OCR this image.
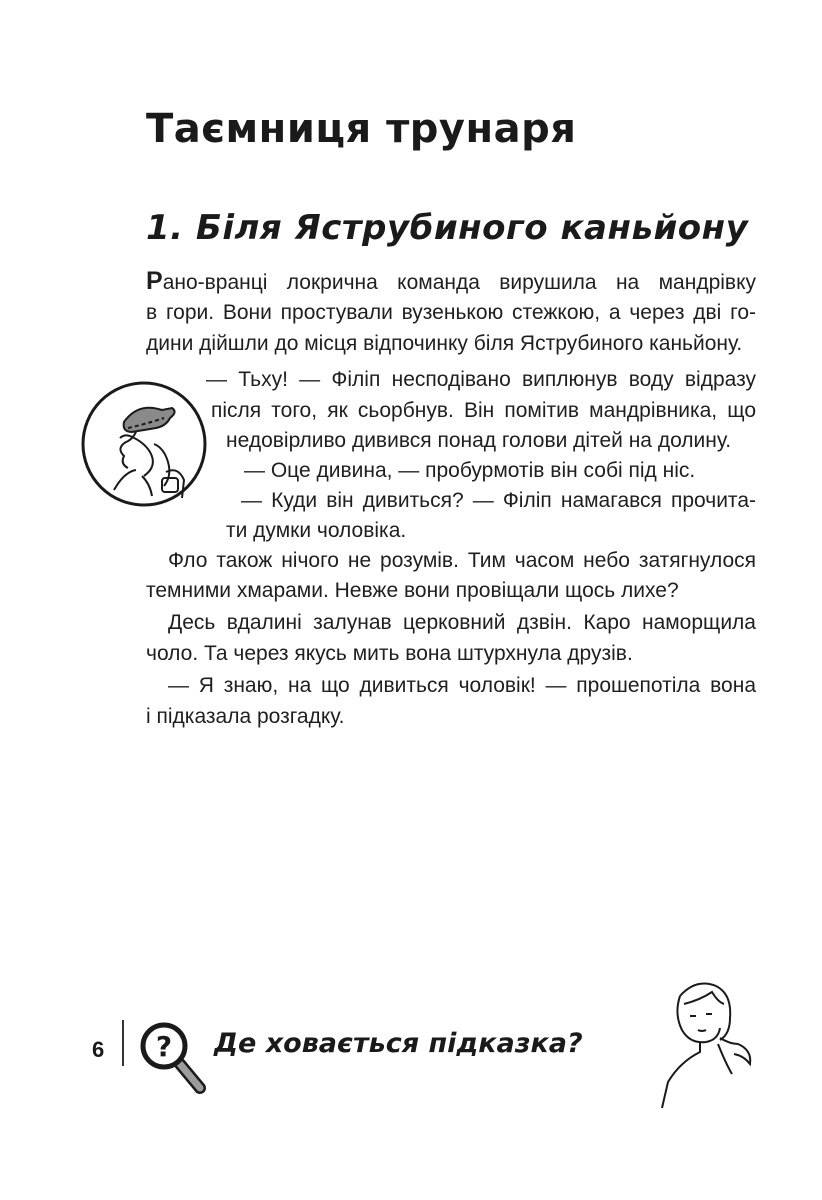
Таємниця трунаря
1. Біля Яструбиного каньйону

Рано-вранці локрична команда вирушила на мандрівку

в гори. Вони простували вузенькою стежкою, а через дві го-

дини дійшли до місця відпочинку біля Яструбиного каньйону.

— Тьху! — Філіп несподівано виплюнув воду відразу

після того, як сьорбнув. Він помітив мандрівника, що

недовірливо дивився понад голови дітей на долину.

— Оце дивина, — пробурмотів він собі під ніс.

— Куди він дивиться? — Філіп намагався прочита-

ти думки чоловіка.

Фло також нічого не розумів. Тим часом небо затягнулося

темними хмарами. Невже вони провіщали щось лихе?

Десь вдалині залунав церковний дзвін. Каро наморщила

чоло. Та через якусь мить вона штурхнула друзів.

— Я знаю, на що дивиться чоловік! — прошепотіла вона

і підказала розгадку.

6 ? Де ховається підказка?
